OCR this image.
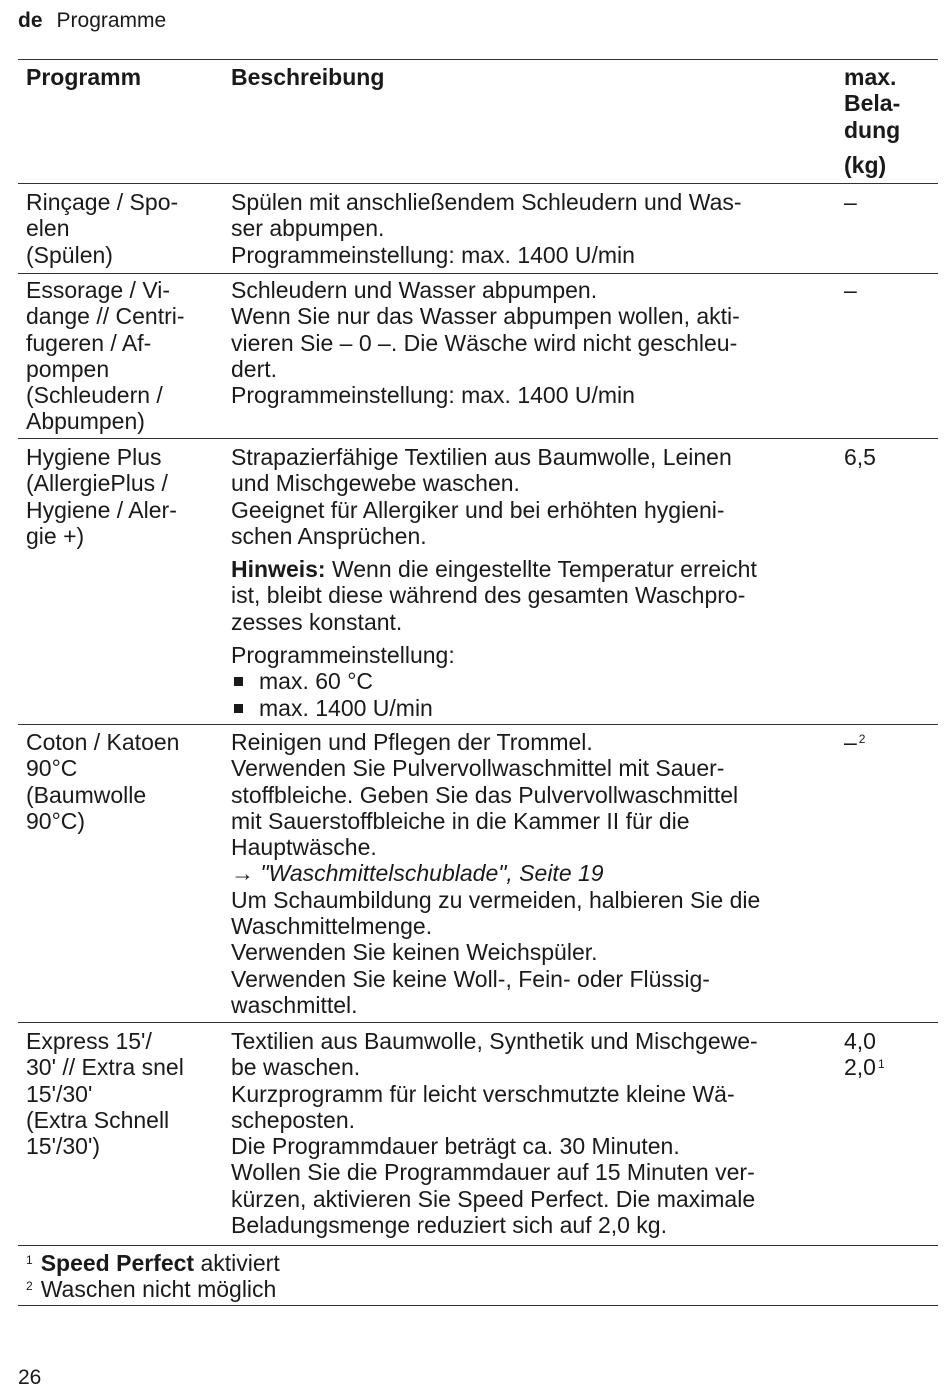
de Programme
Programm	Beschreibung	max.
Bela-
dung
(kg)
Rinçage / Spo-
elen
(Spülen)
Spülen mit anschließendem Schleudern und Was-
ser abpumpen.
Programmeinstellung: max. 1400 U/min
–
Essorage / Vi-
dange // Centri-
fugeren / Af-
pompen
(Schleudern /
Abpumpen)
Schleudern und Wasser abpumpen.
Wenn Sie nur das Wasser abpumpen wollen, akti-
vieren Sie – 0 –. Die Wäsche wird nicht geschleu-
dert.
Programmeinstellung: max. 1400 U/min
–
Hygiene Plus
(AllergiePlus /
Hygiene / Aler-
gie +)
Strapazierfähige Textilien aus Baumwolle, Leinen
und Mischgewebe waschen.
Geeignet für Allergiker und bei erhöhten hygieni-
schen Ansprüchen.
Hinweis: Wenn die eingestellte Temperatur erreicht
ist, bleibt diese während des gesamten Waschpro-
zesses konstant.
Programmeinstellung:
max. 60 °C
max. 1400 U/min
6,5
Coton / Katoen
90°C
(Baumwolle
90°C)
Reinigen und Pflegen der Trommel.
Verwenden Sie Pulvervollwaschmittel mit Sauer-
stoffbleiche. Geben Sie das Pulvervollwaschmittel
mit Sauerstoffbleiche in die Kammer II für die
Hauptwäsche.
→ "Waschmittelschublade", Seite 19
Um Schaumbildung zu vermeiden, halbieren Sie die
Waschmittelmenge.
Verwenden Sie keinen Weichspüler.
Verwenden Sie keine Woll-, Fein- oder Flüssig-
waschmittel.
– $^2$
Express 15'/
30' // Extra snel
15'/30'
(Extra Schnell
15'/30')
Textilien aus Baumwolle, Synthetik und Mischgewe-
be waschen.
Kurzprogramm für leicht verschmutzte kleine Wä-
scheposten.
Die Programmdauer beträgt ca. 30 Minuten.
Wollen Sie die Programmdauer auf 15 Minuten ver-
kürzen, aktivieren Sie Speed Perfect. Die maximale
Beladungsmenge reduziert sich auf 2,0 kg.
4,0
2,0 $^1$
$^1$ Speed Perfect aktiviert
$^2$ Waschen nicht möglich
26
